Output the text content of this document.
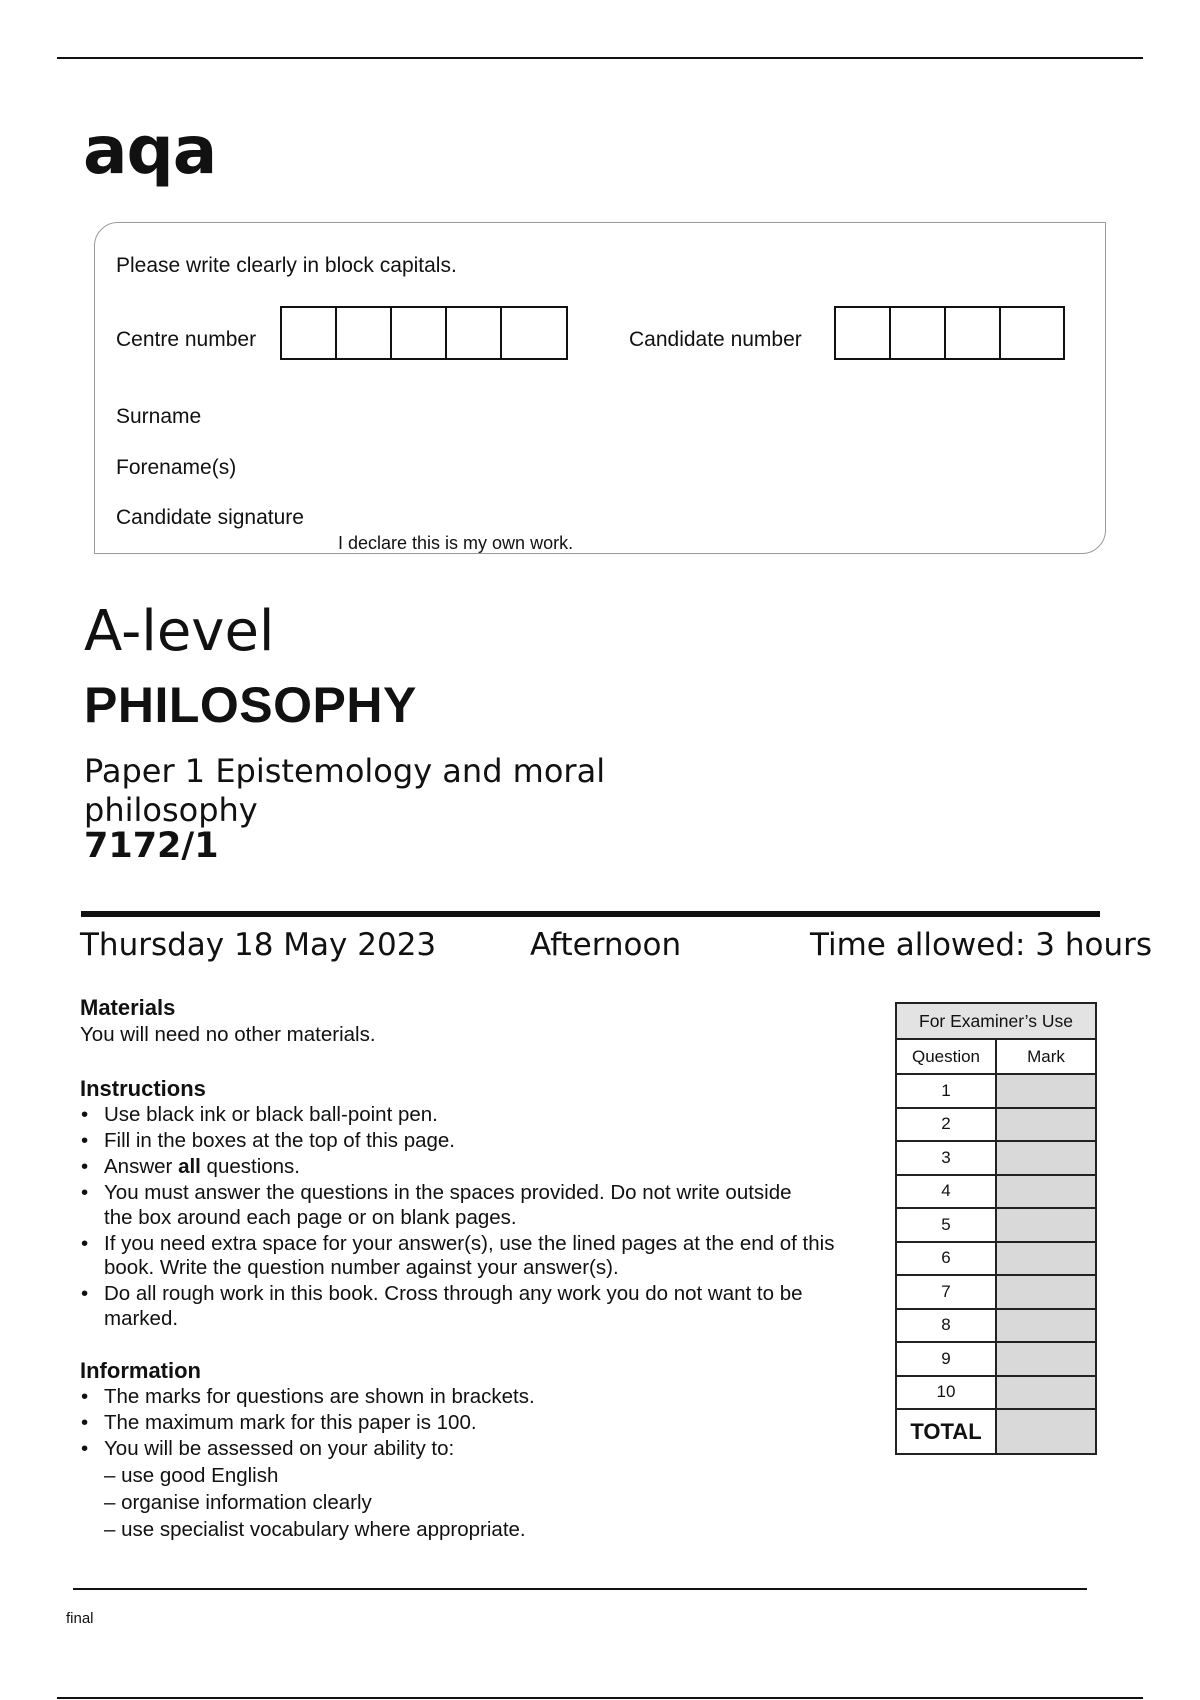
aqa
Please write clearly in block capitals.
Centre number	Candidate number
Surname
Forename(s)
Candidate signature
I declare this is my own work.
A-level
PHILOSOPHY
Paper 1 Epistemology and moral philosophy
7172/1
Thursday 18 May 2023	Afternoon	Time allowed: 3 hours
Materials
You will need no other materials.
Instructions
• Use black ink or black ball-point pen.
• Fill in the boxes at the top of this page.
• Answer all questions.
• You must answer the questions in the spaces provided. Do not write outside the box around each page or on blank pages.
• If you need extra space for your answer(s), use the lined pages at the end of this book. Write the question number against your answer(s).
• Do all rough work in this book. Cross through any work you do not want to be marked.
Information
• The marks for questions are shown in brackets.
• The maximum mark for this paper is 100.
• You will be assessed on your ability to:
– use good English
– organise information clearly
– use specialist vocabulary where appropriate.
For Examiner’s Use	
Question	Mark
1	
2	
3	
4	
5	
6	
7	
8	
9	
10	
TOTAL	
final
